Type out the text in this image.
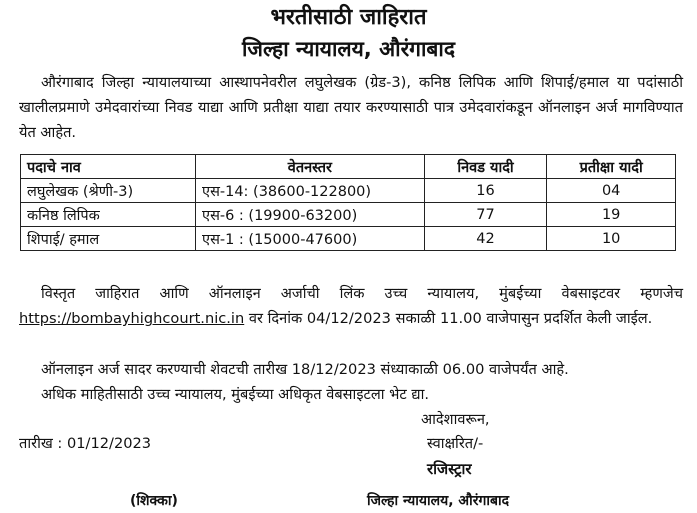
भरतीसाठी जाहिरात
जिल्हा न्यायालय, औरंगाबाद
औरंगाबाद जिल्हा न्यायालयाच्या आस्थापनेवरील लघुलेखक (ग्रेड-3), कनिष्ठ लिपिक आणि शिपाई/हमाल या पदांसाठी खालीलप्रमाणे उमेदवारांच्या निवड याद्या आणि प्रतीक्षा याद्या तयार करण्यासाठी पात्र उमेदवारांकडून ऑनलाइन अर्ज मागविण्यात येत आहेत.
पदाचे नाव	वेतनस्तर	निवड यादी	प्रतीक्षा यादी
लघुलेखक (श्रेणी-3)	एस-14: (38600-122800)	16	04
कनिष्ठ लिपिक	एस-6 : (19900-63200)	77	19
शिपाई/ हमाल	एस-1 : (15000-47600)	42	10
विस्तृत जाहिरात आणि ऑनलाइन अर्जाची लिंक उच्च न्यायालय, मुंबईच्या वेबसाइटवर म्हणजेच https://bombayhighcourt.nic.in वर दिनांक 04/12/2023 सकाळी 11.00 वाजेपासुन प्रदर्शित केली जाईल.
ऑनलाइन अर्ज सादर करण्याची शेवटची तारीख 18/12/2023 संध्याकाळी 06.00 वाजेपर्यंत आहे.
अधिक माहितीसाठी उच्च न्यायालय, मुंबईच्या अधिकृत वेबसाइटला भेट द्या.
आदेशावरून,
तारीख : 01/12/2023	स्वाक्षरित/-
रजिस्ट्रार
(शिक्का)	जिल्हा न्यायालय, औरंगाबाद
